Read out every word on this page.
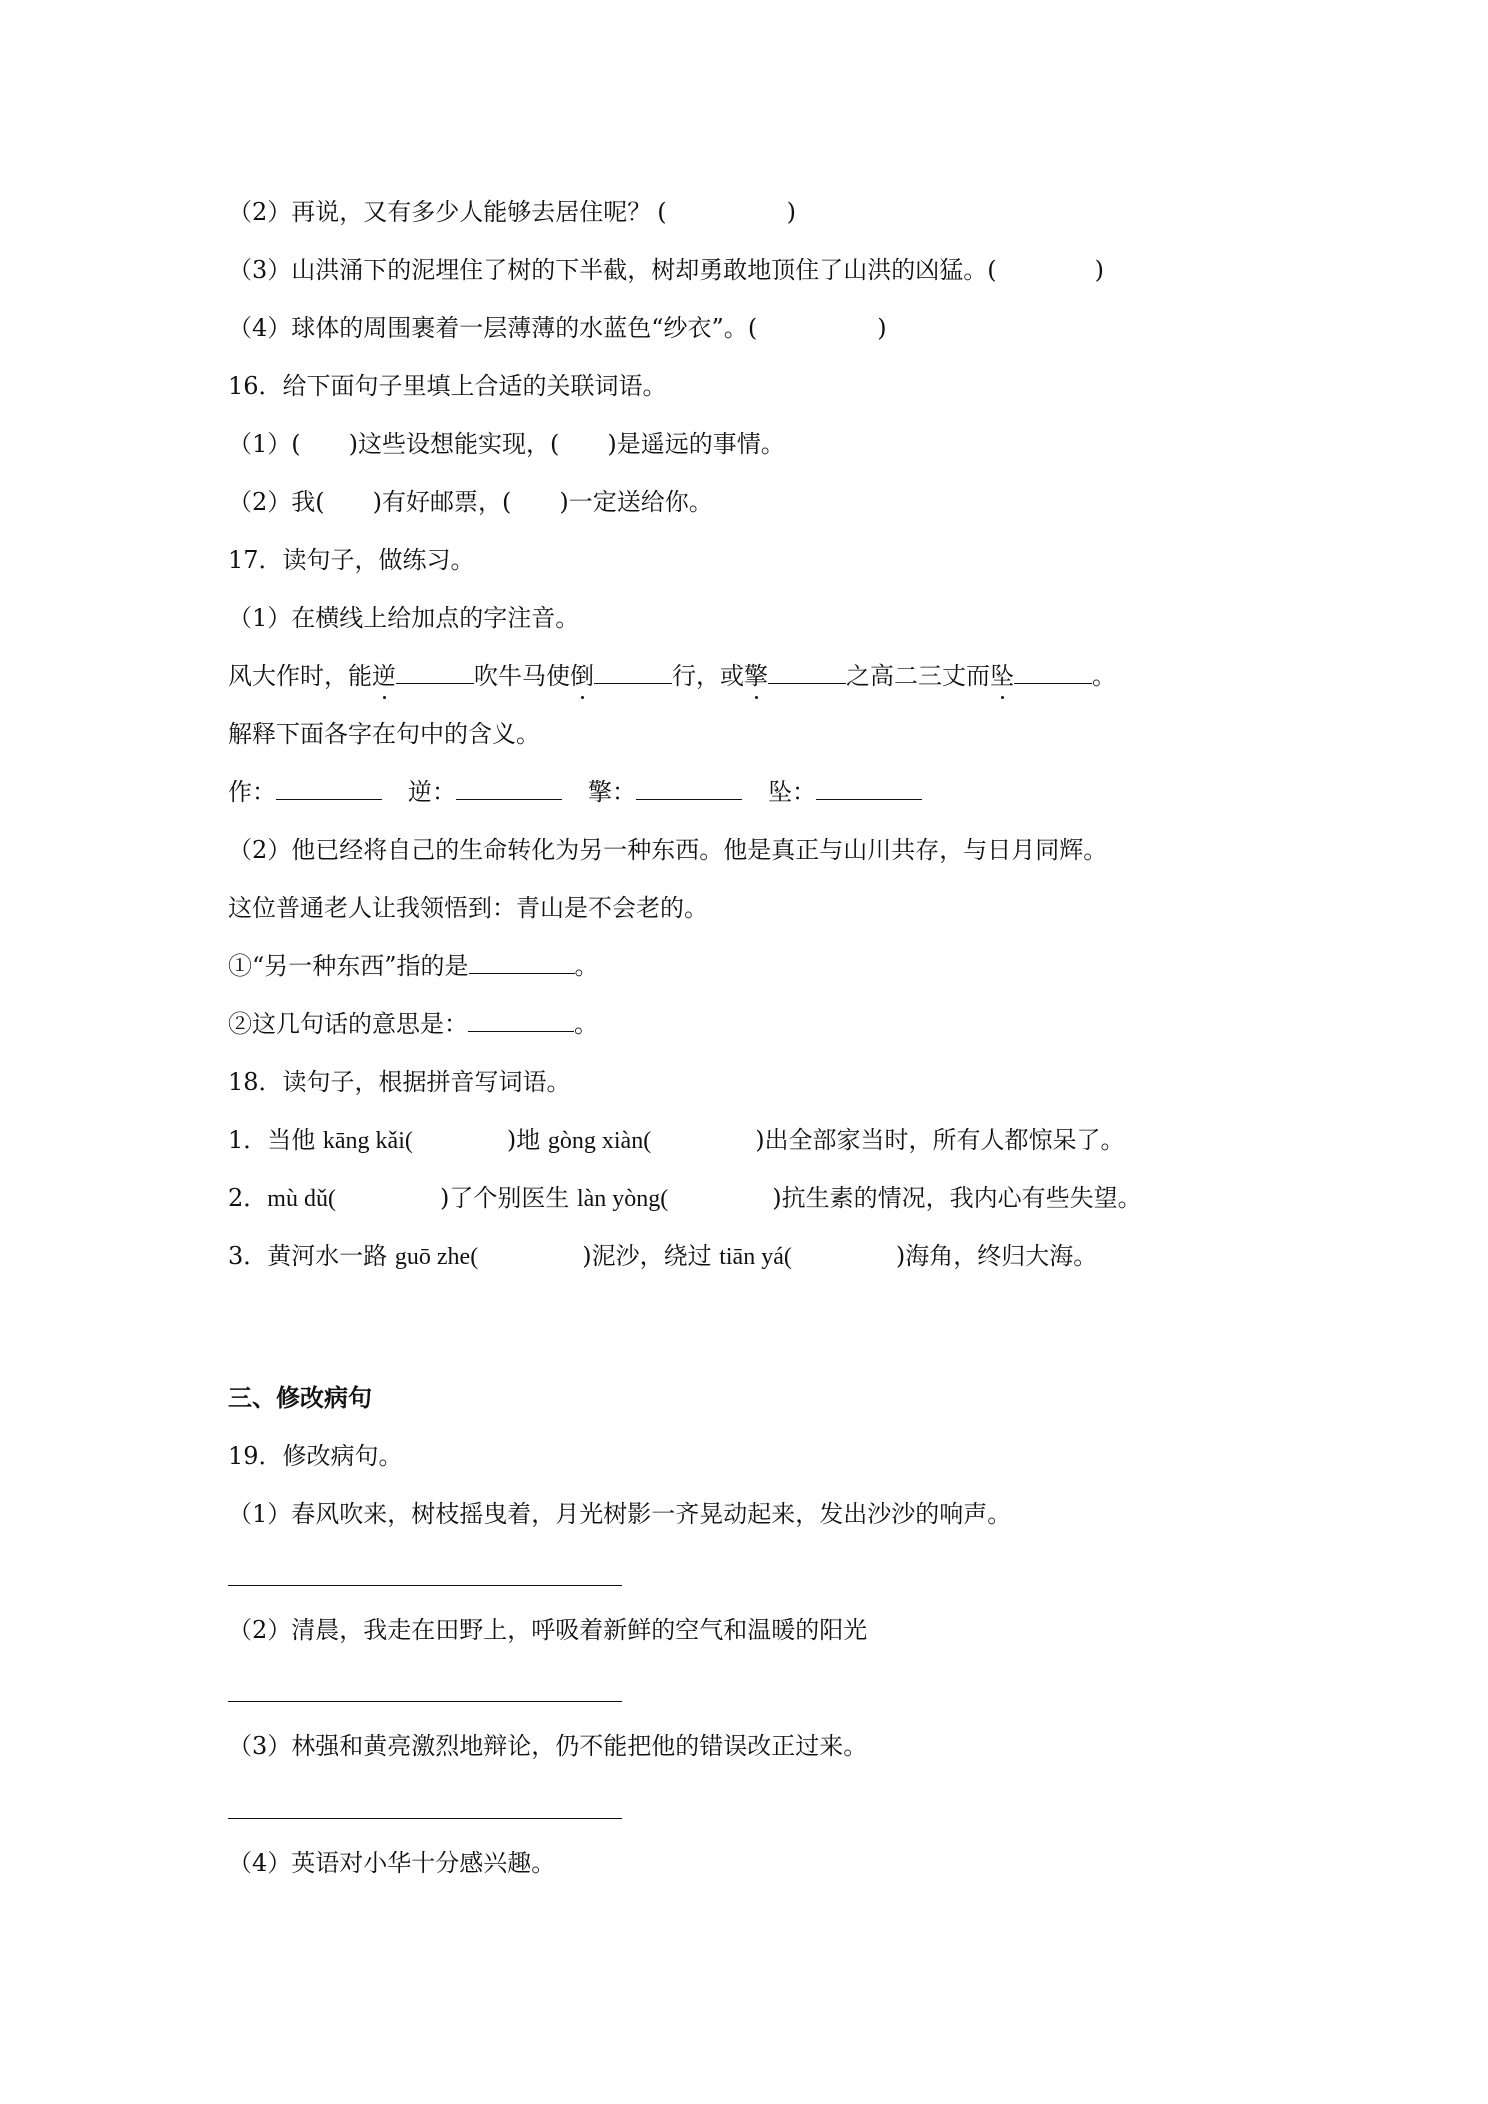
（2）再说，又有多少人能够去居住呢？ (	)
（3）山洪涌下的泥埋住了树的下半截，树却勇敢地顶住了山洪的凶猛。(	)
（4）球体的周围裹着一层薄薄的水蓝色“纱衣”。(	)
16．给下面句子里填上合适的关联词语。
（1）( )这些设想能实现，( )是遥远的事情。
（2）我( )有好邮票，( )一定送给你。
17．读句子，做练习。
（1）在横线上给加点的字注音。
风大作时，能逆	吹牛马使倒	行，或擎	之高二三丈而坠	。
解释下面各字在句中的含义。
作：	逆：	擎：	坠：
（2）他已经将自己的生命转化为另一种东西。他是真正与山川共存，与日月同辉。
这位普通老人让我领悟到：青山是不会老的。
①“另一种东西”指的是	。
②这几句话的意思是：	。
18．读句子，根据拼音写词语。
1．当他 kāng kǎi(	)地 gòng xiàn(	)出全部家当时，所有人都惊呆了。
2．mù dǔ(	)了个别医生 làn yòng(	)抗生素的情况，我内心有些失望。
3．黄河水一路 guō zhe(	)泥沙，绕过 tiān yá(	)海角，终归大海。
三、修改病句
19．修改病句。
（1）春风吹来，树枝摇曳着，月光树影一齐晃动起来，发出沙沙的响声。
（2）清晨，我走在田野上，呼吸着新鲜的空气和温暖的阳光
（3）林强和黄亮激烈地辩论，仍不能把他的错误改正过来。
（4）英语对小华十分感兴趣。
